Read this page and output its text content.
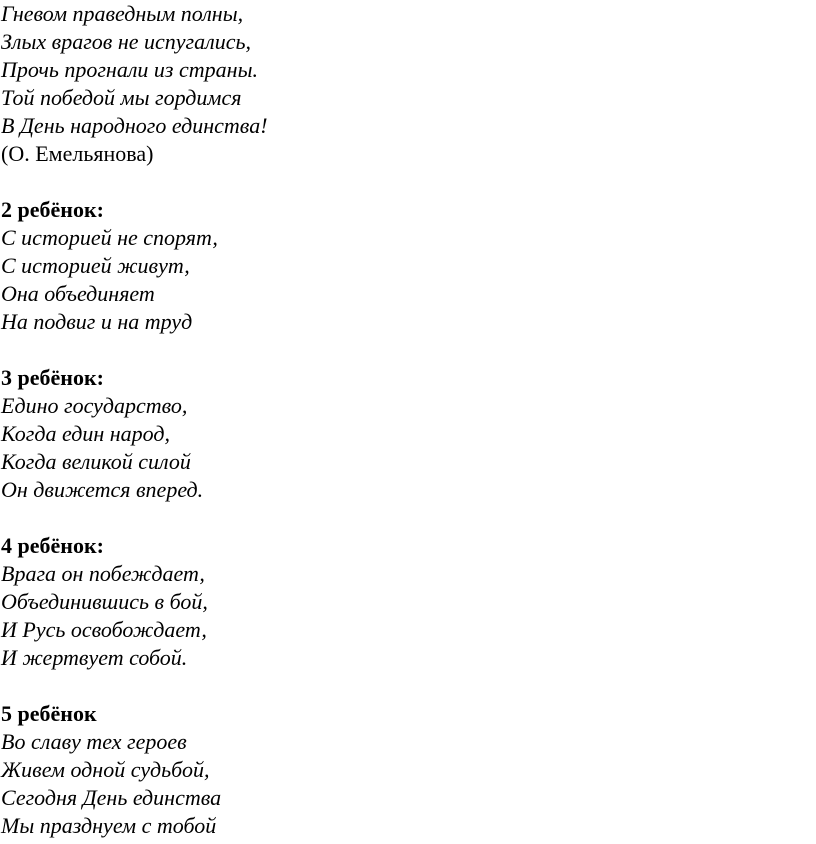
Гневом праведным полны,

Злых врагов не испугались,

Прочь прогнали из страны.

Той победой мы гордимся

В День народного единства!

(О. Емельянова)

2 ребёнок:

С историей не спорят,

С историей живут,

Она объединяет

На подвиг и на труд

3 ребёнок:

Едино государство,

Когда един народ,

Когда великой силой

Он движется вперед.

4 ребёнок:

Врага он побеждает,

Объединившись в бой,

И Русь освобождает,

И жертвует собой.

5 ребёнок

Во славу тех героев

Живем одной судьбой,

Сегодня День единства

Мы празднуем с тобой
